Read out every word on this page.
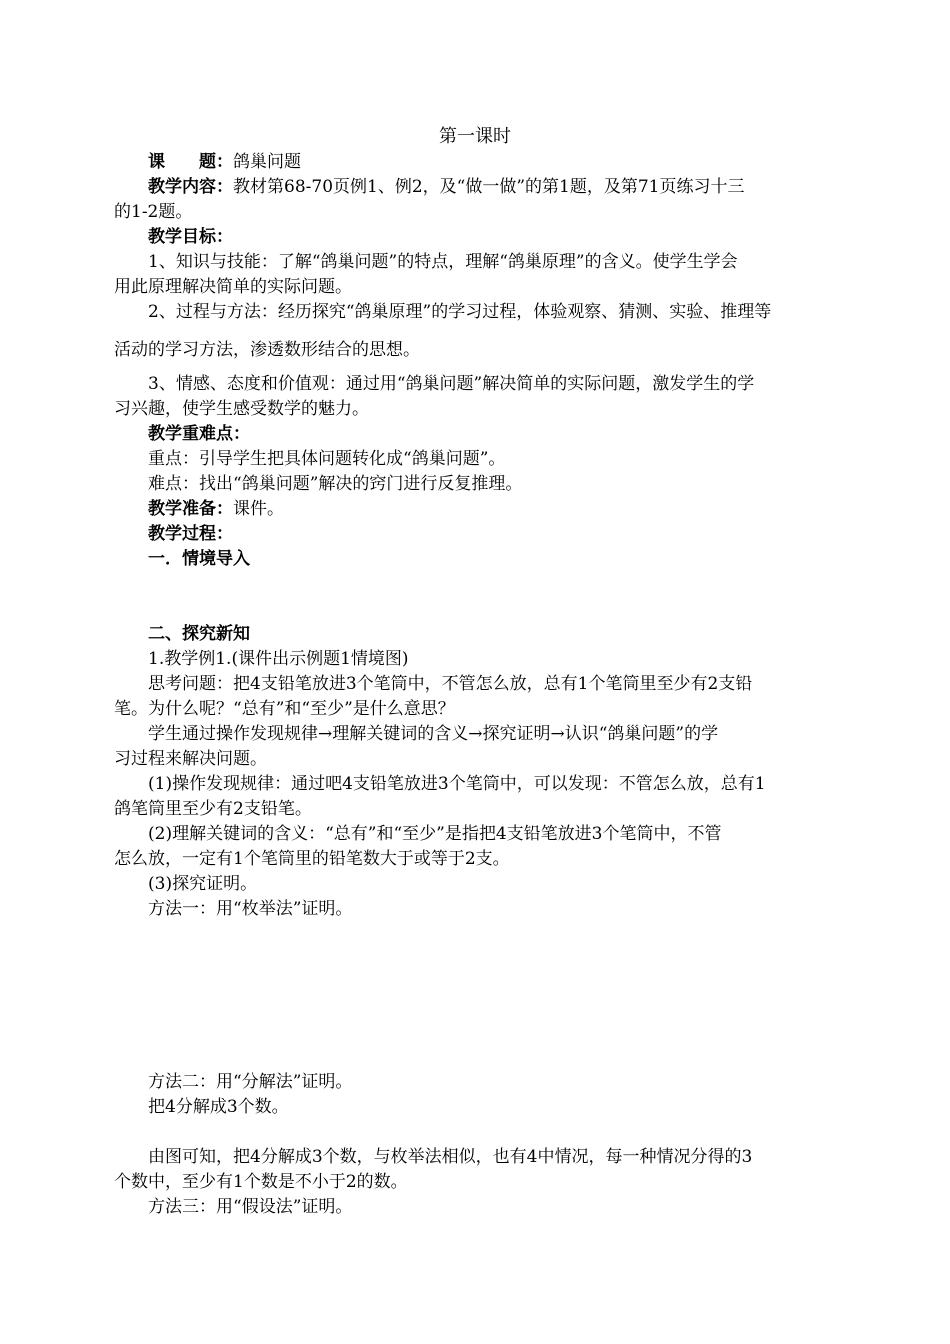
第一课时
课　　题：鸽巢问题
教学内容：教材第68-70页例1、例2，及“做一做”的第1题，及第71页练习十三
的1-2题。
教学目标：
1、知识与技能：了解“鸽巢问题”的特点，理解“鸽巢原理”的含义。使学生学会
用此原理解决简单的实际问题。
2、过程与方法：经历探究“鸽巢原理”的学习过程，体验观察、猜测、实验、推理等
活动的学习方法，渗透数形结合的思想。
3、情感、态度和价值观：通过用“鸽巢问题”解决简单的实际问题，激发学生的学
习兴趣，使学生感受数学的魅力。
教学重难点：
重点：引导学生把具体问题转化成“鸽巢问题”。
难点：找出“鸽巢问题”解决的窍门进行反复推理。
教学准备：课件。
教学过程：
一．情境导入
二、探究新知
1.教学例1.(课件出示例题1情境图)
思考问题：把4支铅笔放进3个笔筒中，不管怎么放，总有1个笔筒里至少有2支铅
笔。为什么呢？“总有”和“至少”是什么意思？
学生通过操作发现规律→理解关键词的含义→探究证明→认识“鸽巢问题”的学
习过程来解决问题。
(1)操作发现规律：通过吧4支铅笔放进3个笔筒中，可以发现：不管怎么放，总有1
鸽笔筒里至少有2支铅笔。
(2)理解关键词的含义：“总有”和“至少”是指把4支铅笔放进3个笔筒中，不管
怎么放，一定有1个笔筒里的铅笔数大于或等于2支。
(3)探究证明。
方法一：用“枚举法”证明。
方法二：用“分解法”证明。
把4分解成3个数。
由图可知，把4分解成3个数，与枚举法相似，也有4中情况，每一种情况分得的3
个数中，至少有1个数是不小于2的数。
方法三：用“假设法”证明。
